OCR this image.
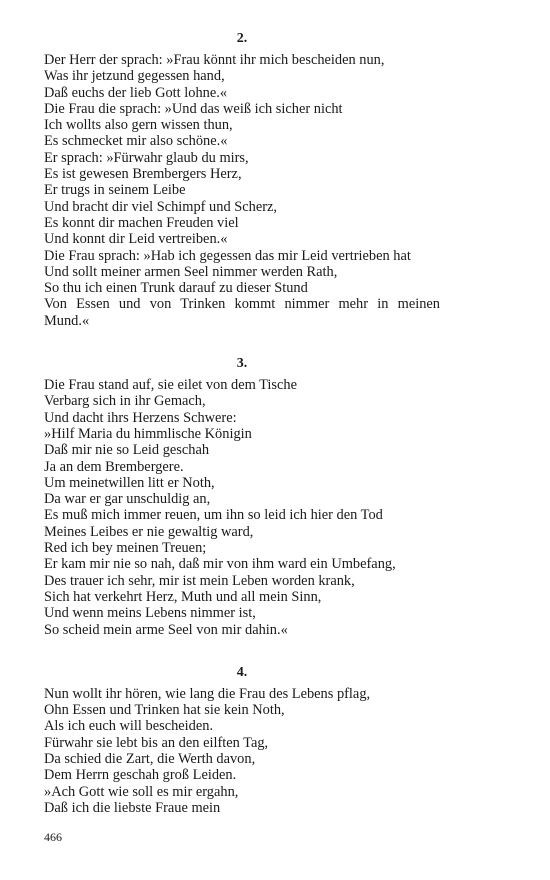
2.
Der Herr der sprach: »Frau könnt ihr mich bescheiden nun,
Was ihr jetzund gegessen hand,
Daß euchs der lieb Gott lohne.«
Die Frau die sprach: »Und das weiß ich sicher nicht
Ich wollts also gern wissen thun,
Es schmecket mir also schöne.«
Er sprach: »Fürwahr glaub du mirs,
Es ist gewesen Brembergers Herz,
Er trugs in seinem Leibe
Und bracht dir viel Schimpf und Scherz,
Es konnt dir machen Freuden viel
Und konnt dir Leid vertreiben.«
Die Frau sprach: »Hab ich gegessen das mir Leid vertrieben hat
Und sollt meiner armen Seel nimmer werden Rath,
So thu ich einen Trunk darauf zu dieser Stund
Von Essen und von Trinken kommt nimmer mehr in meinen
Mund.«
3.
Die Frau stand auf, sie eilet von dem Tische
Verbarg sich in ihr Gemach,
Und dacht ihrs Herzens Schwere:
»Hilf Maria du himmlische Königin
Daß mir nie so Leid geschah
Ja an dem Brembergere.
Um meinetwillen litt er Noth,
Da war er gar unschuldig an,
Es muß mich immer reuen, um ihn so leid ich hier den Tod
Meines Leibes er nie gewaltig ward,
Red ich bey meinen Treuen;
Er kam mir nie so nah, daß mir von ihm ward ein Umbefang,
Des trauer ich sehr, mir ist mein Leben worden krank,
Sich hat verkehrt Herz, Muth und all mein Sinn,
Und wenn meins Lebens nimmer ist,
So scheid mein arme Seel von mir dahin.«
4.
Nun wollt ihr hören, wie lang die Frau des Lebens pflag,
Ohn Essen und Trinken hat sie kein Noth,
Als ich euch will bescheiden.
Fürwahr sie lebt bis an den eilften Tag,
Da schied die Zart, die Werth davon,
Dem Herrn geschah groß Leiden.
»Ach Gott wie soll es mir ergahn,
Daß ich die liebste Fraue mein
466
